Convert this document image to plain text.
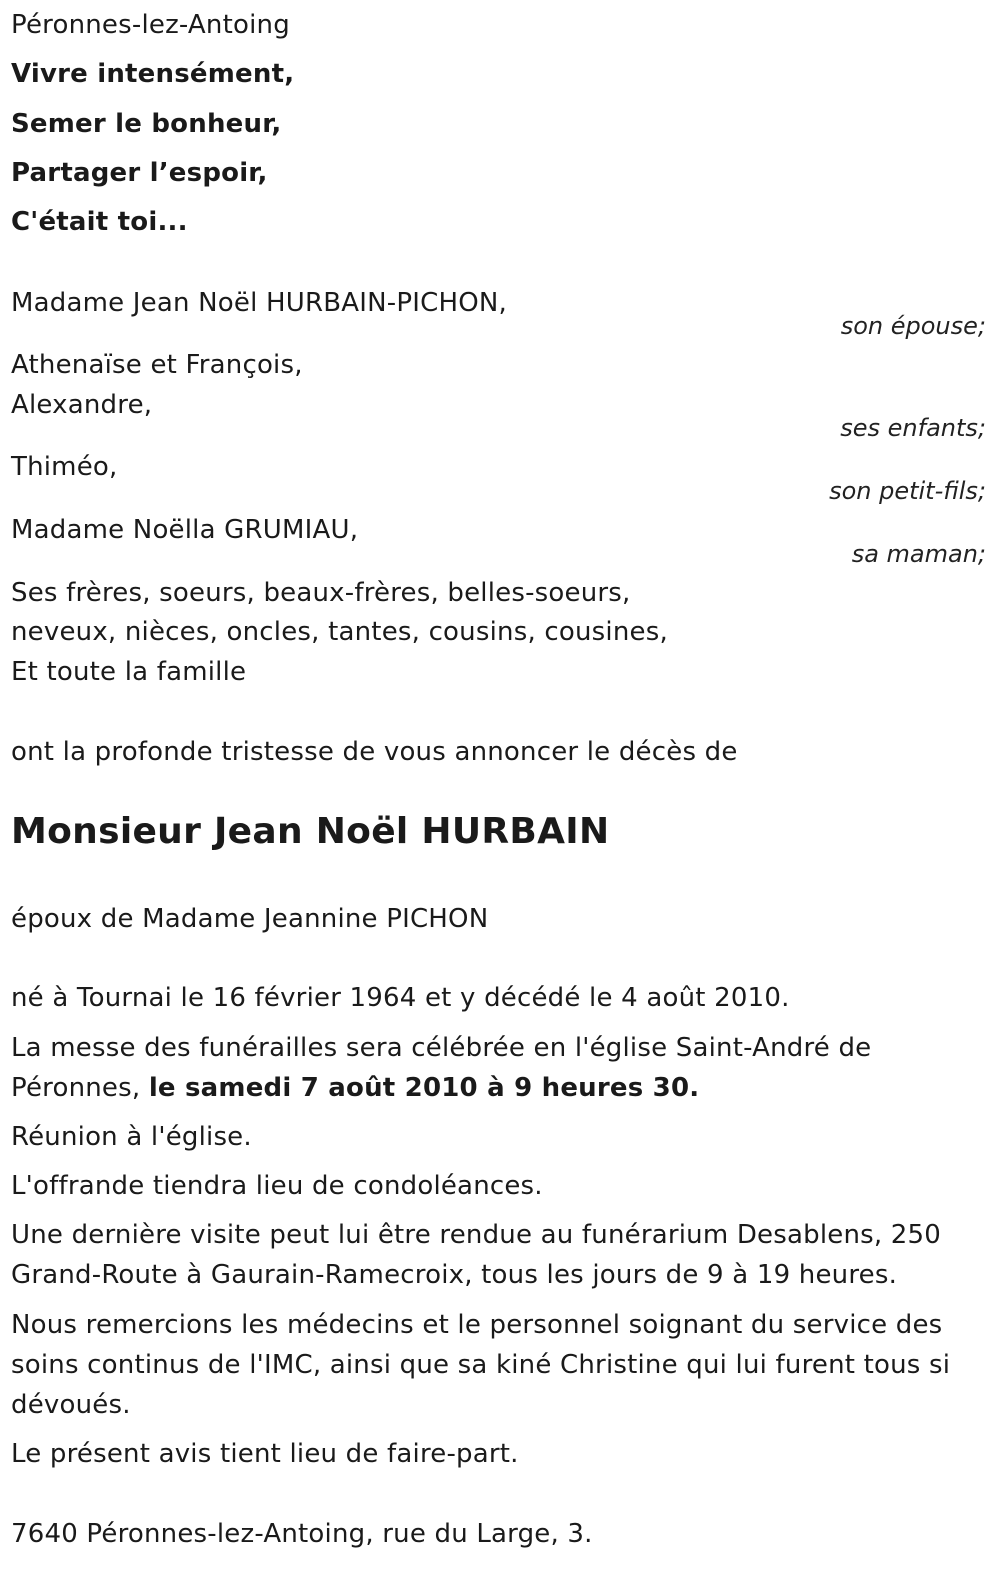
Péronnes-lez-Antoing

Vivre intensément,

Semer le bonheur,

Partager l’espoir,

C'était toi...

Madame Jean Noël HURBAIN-PICHON,

son épouse;

Athenaïse et François,

Alexandre,

ses enfants;

Thiméo,

son petit-fils;

Madame Noëlla GRUMIAU,

sa maman;

Ses frères, soeurs, beaux-frères, belles-soeurs,

neveux, nièces, oncles, tantes, cousins, cousines,

Et toute la famille

ont la profonde tristesse de vous annoncer le décès de

Monsieur Jean Noël HURBAIN

époux de Madame Jeannine PICHON

né à Tournai le 16 février 1964 et y décédé le 4 août 2010.

La messe des funérailles sera célébrée en l'église Saint-André de Péronnes, le samedi 7 août 2010 à 9 heures 30.

Réunion à l'église.

L'offrande tiendra lieu de condoléances.

Une dernière visite peut lui être rendue au funérarium Desablens, 250 Grand-Route à Gaurain-Ramecroix, tous les jours de 9 à 19 heures.

Nous remercions les médecins et le personnel soignant du service des soins continus de l'IMC, ainsi que sa kiné Christine qui lui furent tous si dévoués.

Le présent avis tient lieu de faire-part.

7640 Péronnes-lez-Antoing, rue du Large, 3.
